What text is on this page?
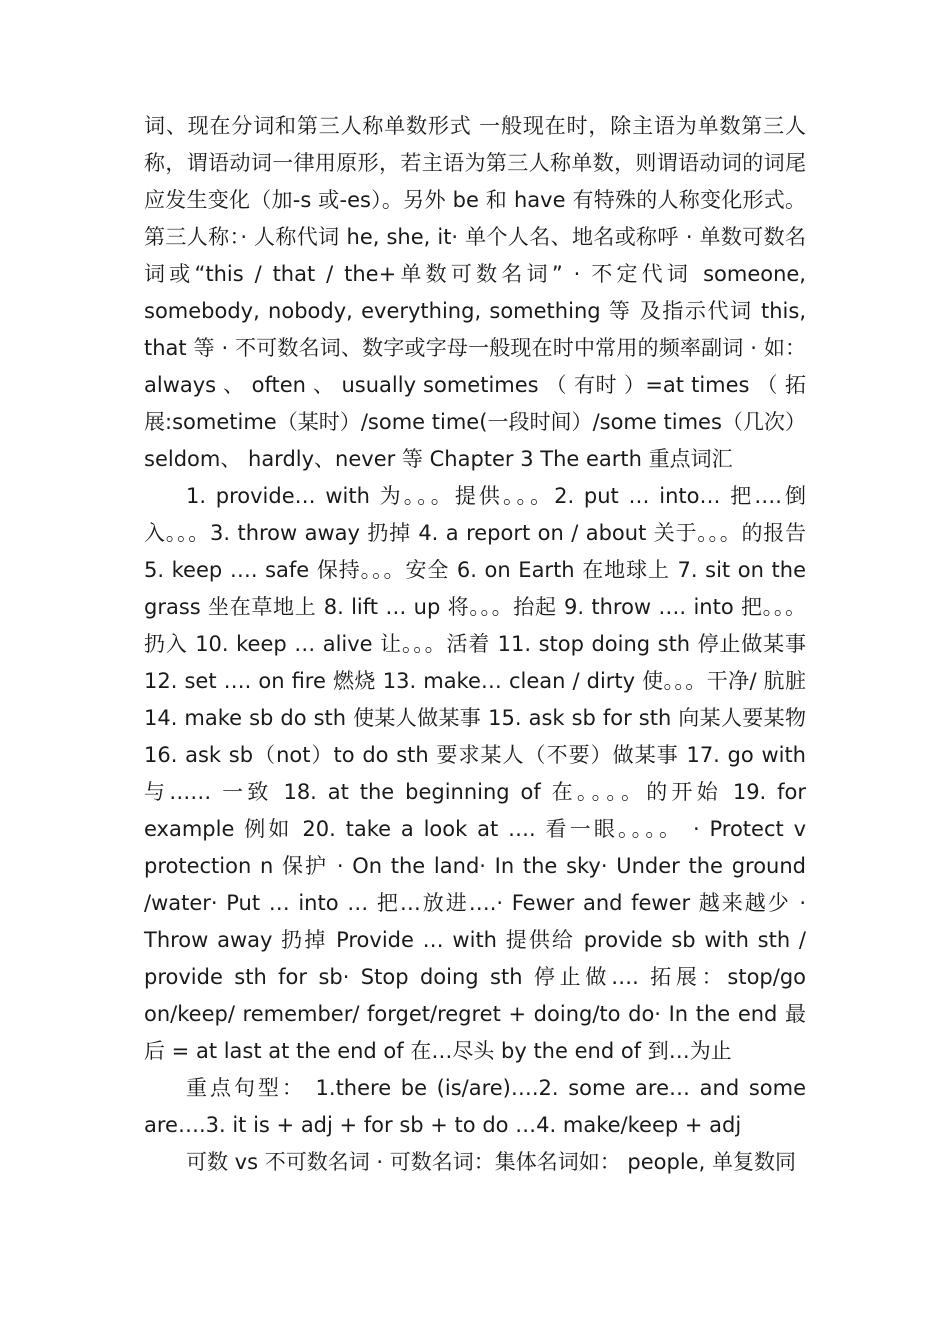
词、现在分词和第三人称单数形式 一般现在时，除主语为单数第三人称，谓语动词一律用原形，若主语为第三人称单数，则谓语动词的词尾应发生变化（加-s 或-es）。另外 be 和 have 有特殊的人称变化形式。 第三人称：· 人称代词 he, she, it· 单个人名、地名或称呼 · 单数可数名词或“this / that / the+单数可数名词” · 不定代词 someone, somebody, nobody, everything, something 等 及指示代词 this, that 等 · 不可数名词、数字或字母一般现在时中常用的频率副词 · 如：always 、 often 、 usually sometimes （ 有时 ）=at times （ 拓展:sometime（某时）/some time(一段时间）/some times（几次） seldom、 hardly、never 等 Chapter 3 The earth 重点词汇

1. provide… with 为。。。提供。。。2. put … into… 把….倒入。。。3. throw away 扔掉 4. a report on / about 关于。。。的报告 5. keep …. safe 保持。。。安全 6. on Earth 在地球上 7. sit on the grass 坐在草地上 8. lift … up 将。。。抬起 9. throw …. into 把。。。扔入 10. keep … alive 让。。。活着 11. stop doing sth 停止做某事 12. set …. on fire 燃烧 13. make… clean / dirty 使。。。干净/ 肮脏 14. make sb do sth 使某人做某事 15. ask sb for sth 向某人要某物 16. ask sb（not）to do sth 要求某人（不要）做某事 17. go with 与…… 一致 18. at the beginning of 在。。。。的开始 19. for example 例如 20. take a look at …. 看一眼。。。。 · Protect v protection n 保护 · On the land· In the sky· Under the ground /water· Put … into … 把…放进….· Fewer and fewer 越来越少 · Throw away 扔掉 Provide … with 提供给 provide sb with sth / provide sth for sb· Stop doing sth 停止做…. 拓展：stop/go on/keep/ remember/ forget/regret + doing/to do· In the end 最后 = at last at the end of 在…尽头 by the end of 到…为止

重点句型： 1.there be (is/are)….2. some are… and some are….3. it is + adj + for sb + to do …4. make/keep + adj

可数 vs 不可数名词 · 可数名词：集体名词如： people, 单复数同
